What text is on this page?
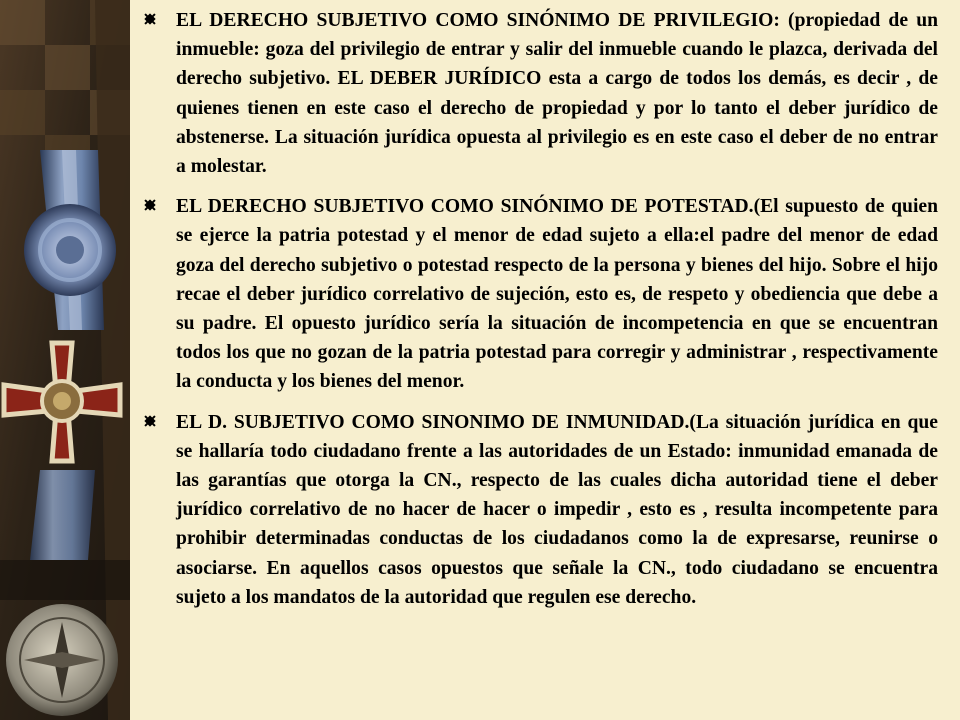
EL DERECHO SUBJETIVO COMO SINÓNIMO DE PRIVILEGIO: (propiedad de un inmueble: goza del privilegio de entrar y salir del inmueble cuando le plazca, derivada del derecho subjetivo. EL DEBER JURÍDICO esta a cargo de todos los demás, es decir , de quienes tienen en este caso el derecho de propiedad y por lo tanto el deber jurídico de abstenerse. La situación jurídica opuesta al privilegio es en este caso el deber de no entrar a molestar.

EL DERECHO SUBJETIVO COMO SINÓNIMO DE POTESTAD.(El supuesto de quien se ejerce la patria potestad y el menor de edad sujeto a ella:el padre del menor de edad goza del derecho subjetivo o potestad respecto de la persona y bienes del hijo. Sobre el hijo recae el deber jurídico correlativo de sujeción, esto es, de respeto y obediencia que debe a su padre. El opuesto jurídico sería la situación de incompetencia en que se encuentran todos los que no gozan de la patria potestad para corregir y administrar , respectivamente la conducta y los bienes del menor.

EL D. SUBJETIVO COMO SINONIMO DE INMUNIDAD.(La situación jurídica en que se hallaría todo ciudadano frente a las autoridades de un Estado: inmunidad emanada de las garantías que otorga la CN., respecto de las cuales dicha autoridad tiene el deber jurídico correlativo de no hacer de hacer o impedir , esto es , resulta incompetente para prohibir determinadas conductas de los ciudadanos como la de expresarse, reunirse o asociarse. En aquellos casos opuestos que señale la CN., todo ciudadano se encuentra sujeto a los mandatos de la autoridad que regulen ese derecho.
